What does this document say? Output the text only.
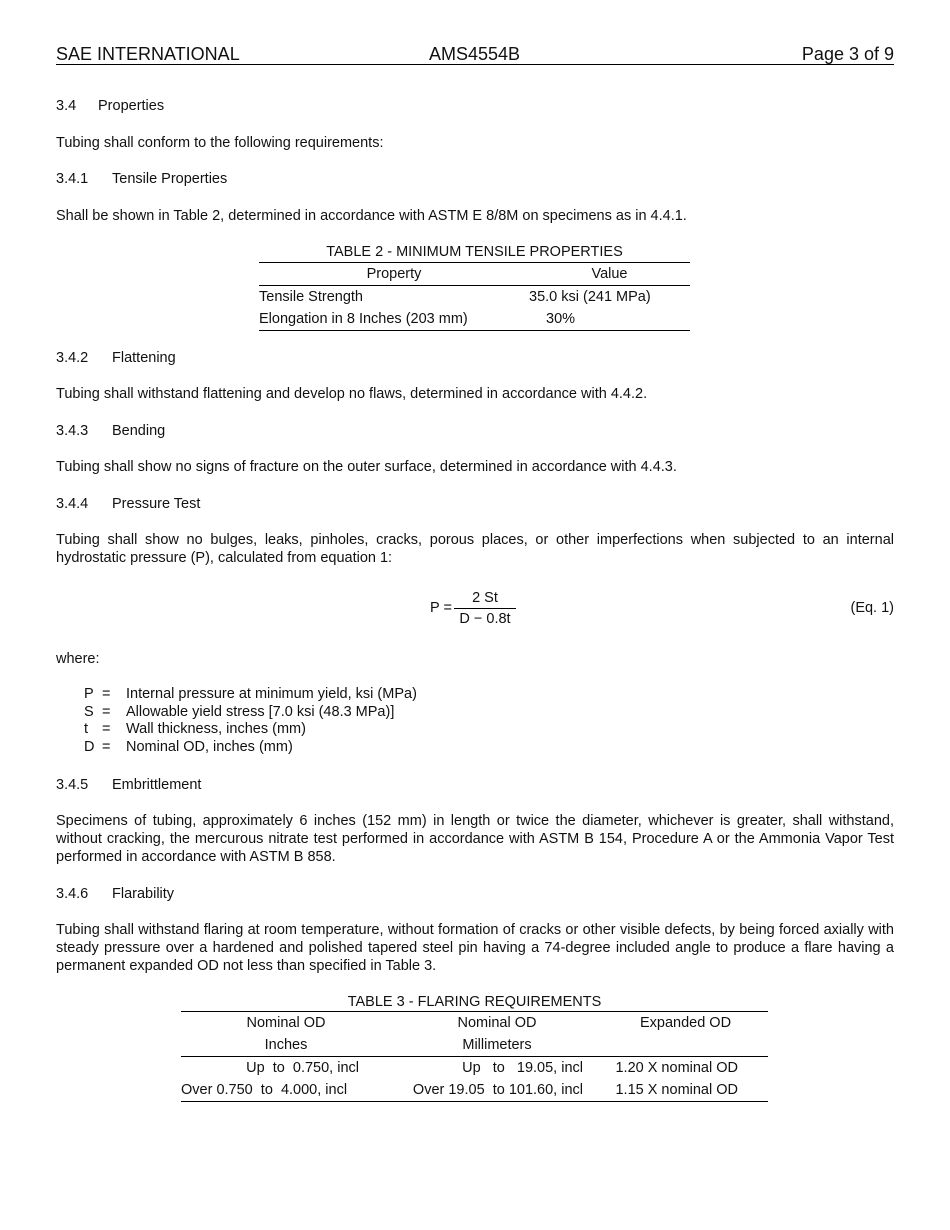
SAE INTERNATIONAL	AMS4554B	Page 3 of 9
3.4 Properties
Tubing shall conform to the following requirements:
3.4.1 Tensile Properties
Shall be shown in Table 2, determined in accordance with ASTM E 8/8M on specimens as in 4.4.1.
TABLE 2 - MINIMUM TENSILE PROPERTIES
Property	Value
Tensile Strength	35.0 ksi (241 MPa)
Elongation in 8 Inches (203 mm)	30%
3.4.2 Flattening
Tubing shall withstand flattening and develop no flaws, determined in accordance with 4.4.2.
3.4.3 Bending
Tubing shall show no signs of fracture on the outer surface, determined in accordance with 4.4.3.
3.4.4 Pressure Test
Tubing shall show no bulges, leaks, pinholes, cracks, porous places, or other imperfections when subjected to an internal hydrostatic pressure (P), calculated from equation 1:
$P = \frac{2 St}{D - 0.8t}$	(Eq. 1)
where:
P =	Internal pressure at minimum yield, ksi (MPa)
S =	Allowable yield stress [7.0 ksi (48.3 MPa)]
t =	Wall thickness, inches (mm)
D =	Nominal OD, inches (mm)
3.4.5 Embrittlement
Specimens of tubing, approximately 6 inches (152 mm) in length or twice the diameter, whichever is greater, shall withstand, without cracking, the mercurous nitrate test performed in accordance with ASTM B 154, Procedure A or the Ammonia Vapor Test performed in accordance with ASTM B 858.
3.4.6 Flarability
Tubing shall withstand flaring at room temperature, without formation of cracks or other visible defects, by being forced axially with steady pressure over a hardened and polished tapered steel pin having a 74-degree included angle to produce a flare having a permanent expanded OD not less than specified in Table 3.
TABLE 3 - FLARING REQUIREMENTS
Nominal OD	Nominal OD	Expanded OD
Inches	Millimeters	
Up  to  0.750, incl	Up   to   19.05, incl	1.20 X nominal OD
Over 0.750  to  4.000, incl	Over 19.05  to 101.60, incl	1.15 X nominal OD
